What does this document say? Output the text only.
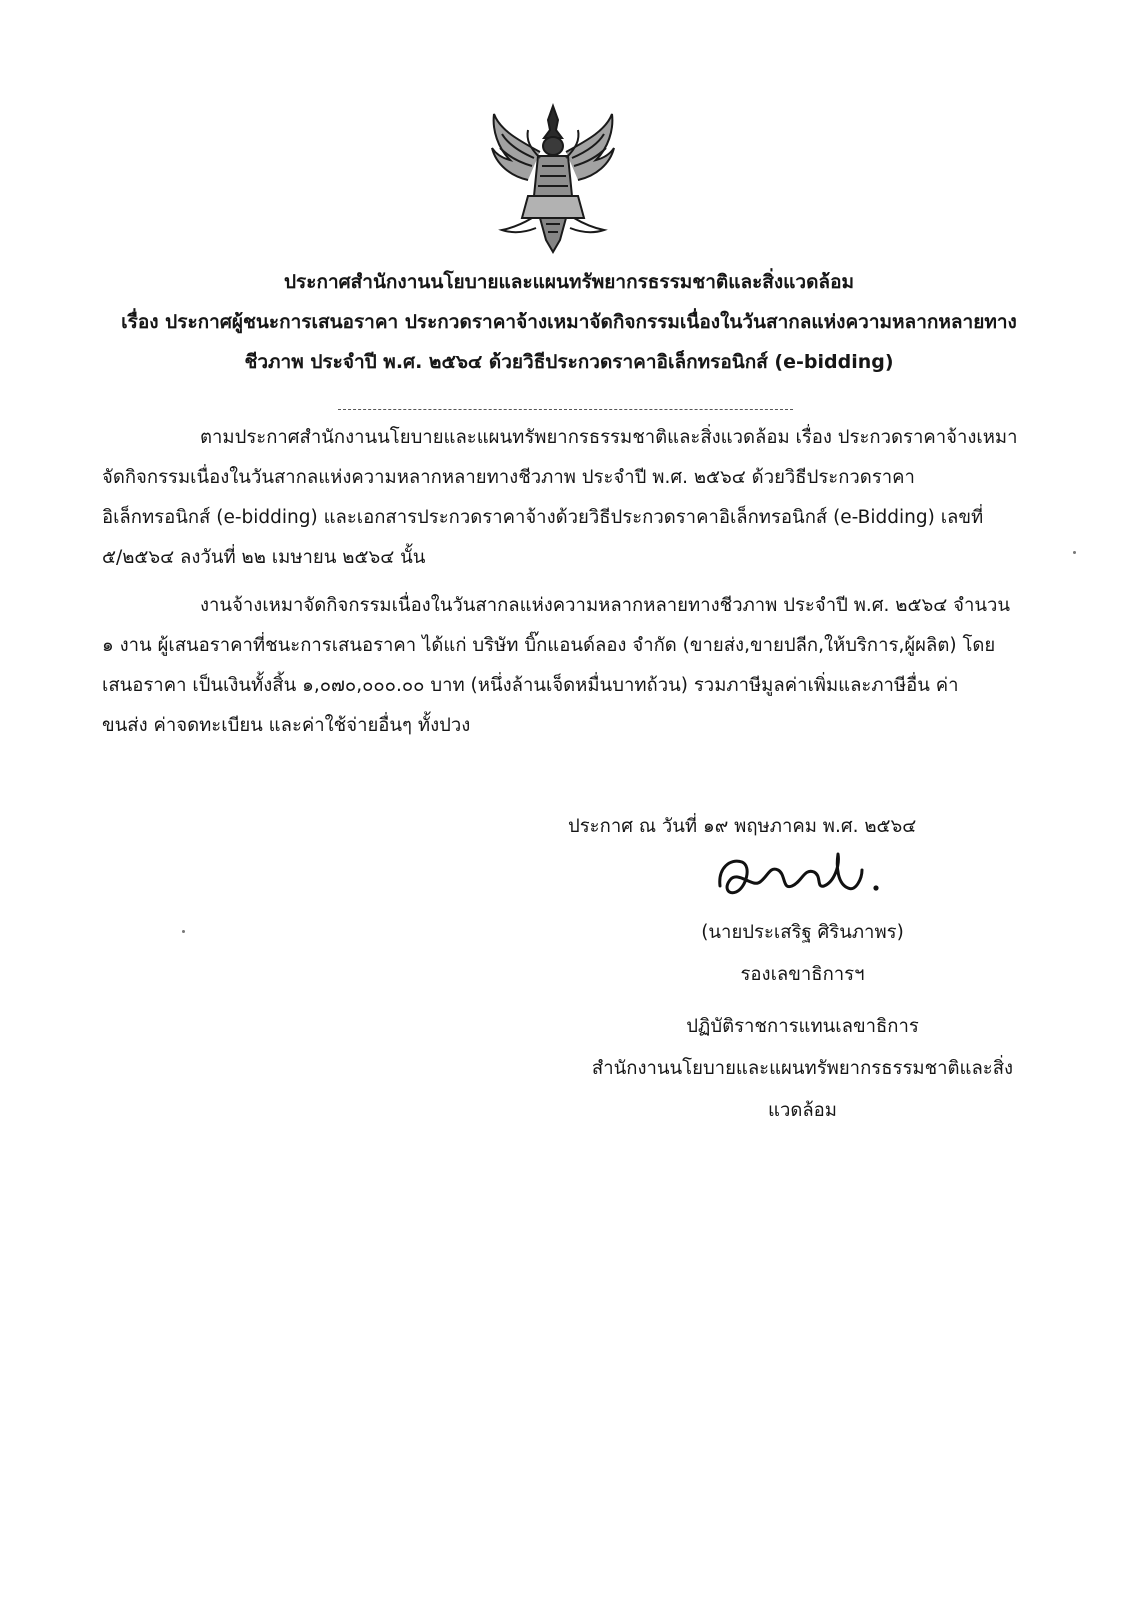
ประกาศสำนักงานนโยบายและแผนทรัพยากรธรรมชาติและสิ่งแวดล้อม
เรื่อง ประกาศผู้ชนะการเสนอราคา ประกวดราคาจ้างเหมาจัดกิจกรรมเนื่องในวันสากลแห่งความหลากหลายทาง
ชีวภาพ ประจำปี พ.ศ. ๒๕๖๔ ด้วยวิธีประกวดราคาอิเล็กทรอนิกส์ (e-bidding)
ตามประกาศสำนักงานนโยบายและแผนทรัพยากรธรรมชาติและสิ่งแวดล้อม เรื่อง ประกวดราคาจ้างเหมา
จัดกิจกรรมเนื่องในวันสากลแห่งความหลากหลายทางชีวภาพ ประจำปี พ.ศ. ๒๕๖๔ ด้วยวิธีประกวดราคา
อิเล็กทรอนิกส์ (e-bidding) และเอกสารประกวดราคาจ้างด้วยวิธีประกวดราคาอิเล็กทรอนิกส์ (e-Bidding) เลขที่
๕/๒๕๖๔ ลงวันที่ ๒๒ เมษายน ๒๕๖๔ นั้น
งานจ้างเหมาจัดกิจกรรมเนื่องในวันสากลแห่งความหลากหลายทางชีวภาพ ประจำปี พ.ศ. ๒๕๖๔ จำนวน
๑ งาน ผู้เสนอราคาที่ชนะการเสนอราคา ได้แก่ บริษัท บิ๊กแอนด์ลอง จำกัด (ขายส่ง,ขายปลีก,ให้บริการ,ผู้ผลิต) โดย
เสนอราคา เป็นเงินทั้งสิ้น ๑,๐๗๐,๐๐๐.๐๐ บาท (หนึ่งล้านเจ็ดหมื่นบาทถ้วน) รวมภาษีมูลค่าเพิ่มและภาษีอื่น ค่า
ขนส่ง ค่าจดทะเบียน และค่าใช้จ่ายอื่นๆ ทั้งปวง
ประกาศ ณ วันที่ ๑๙ พฤษภาคม พ.ศ. ๒๕๖๔
(นายประเสริฐ ศิรินภาพร)
รองเลขาธิการฯ
ปฏิบัติราชการแทนเลขาธิการ
สำนักงานนโยบายและแผนทรัพยากรธรรมชาติและสิ่ง
แวดล้อม
